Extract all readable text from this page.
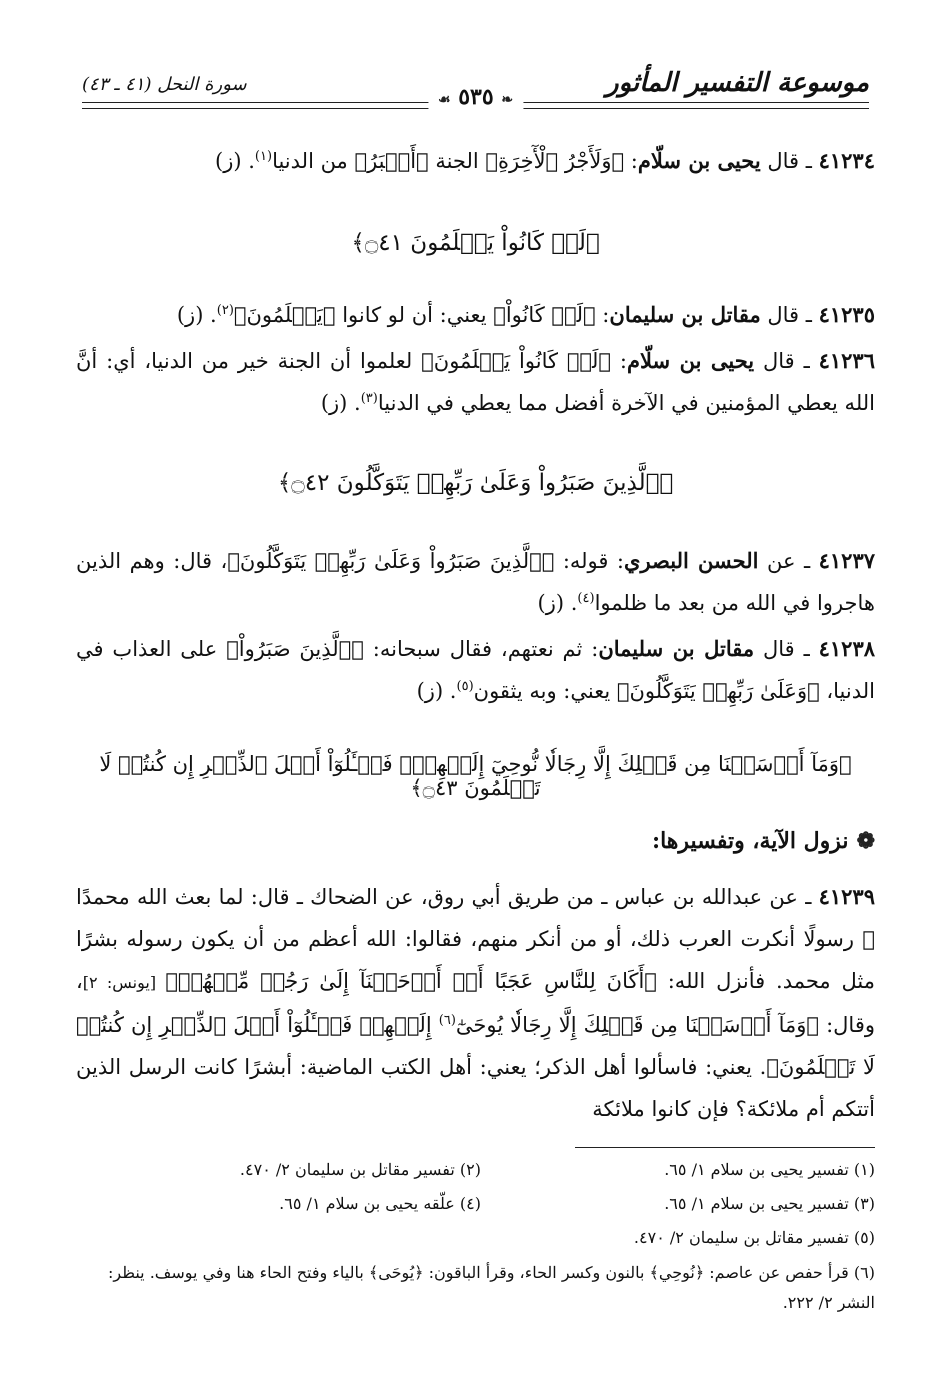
موسوعة التفسير المأثور
سورة النحل (٤١ ـ ٤٣)
❧ ٥٣٥ ☙
٤١٢٣٤ ـ قال يحيى بن سلّام: ﴿وَلَأَجْرُ ٱلْأٓخِرَةِ﴾ الجنة ﴿أَكۡبَرُ﴾ من الدنيا$^{(١)}$. (ز)
﴿لَوۡ كَانُواْ يَعۡلَمُونَ ۝٤١﴾
٤١٢٣٥ ـ قال مقاتل بن سليمان: ﴿لَوۡ كَانُواْ﴾ يعني: أن لو كانوا ﴿يَعۡلَمُونَ﴾$^{(٢)}$. (ز)
٤١٢٣٦ ـ قال يحيى بن سلّام: ﴿لَوۡ كَانُواْ يَعۡلَمُونَ﴾ لعلموا أن الجنة خير من الدنيا، أي: أنَّ الله يعطي المؤمنين في الآخرة أفضل مما يعطي في الدنيا$^{(٣)}$. (ز)
﴿ٱلَّذِينَ صَبَرُواْ وَعَلَىٰ رَبِّهِمۡ يَتَوَكَّلُونَ ۝٤٢﴾
٤١٢٣٧ ـ عن الحسن البصري: قوله: ﴿ٱلَّذِينَ صَبَرُواْ وَعَلَىٰ رَبِّهِمۡ يَتَوَكَّلُونَ﴾، قال: وهم الذين هاجروا في الله من بعد ما ظلموا$^{(٤)}$. (ز)
٤١٢٣٨ ـ قال مقاتل بن سليمان: ثم نعتهم، فقال سبحانه: ﴿ٱلَّذِينَ صَبَرُواْ﴾ على العذاب في الدنيا، ﴿وَعَلَىٰ رَبِّهِمۡ يَتَوَكَّلُونَ﴾ يعني: وبه يثقون$^{(٥)}$. (ز)
﴿وَمَآ أَرۡسَلۡنَا مِن قَبۡلِكَ إِلَّا رِجَالٗا نُّوحِيٓ إِلَيۡهِمۡۖ فَسۡـَٔلُوٓاْ أَهۡلَ ٱلذِّكۡرِ إِن كُنتُمۡ لَا تَعۡلَمُونَ ۝٤٣﴾
❁نزول الآية، وتفسيرها:
٤١٢٣٩ ـ عن عبدالله بن عباس ـ من طريق أبي روق، عن الضحاك ـ قال: لما بعث الله محمدًا ﷺ رسولًا أنكرت العرب ذلك، أو من أنكر منهم، فقالوا: الله أعظم من أن يكون رسوله بشرًا مثل محمد. فأنزل الله: ﴿أَكَانَ لِلنَّاسِ عَجَبًا أَنۡ أَوۡحَيۡنَآ إِلَىٰ رَجُلٖ مِّنۡهُمۡ﴾ [يونس: ٢]، وقال: ﴿وَمَآ أَرۡسَلۡنَا مِن قَبۡلِكَ إِلَّا رِجَالٗا يُوحَىٰٓ$^{(٦)}$ إِلَيۡهِمۡ فَسۡـَٔلُوٓاْ أَهۡلَ ٱلذِّكۡرِ إِن كُنتُمۡ لَا تَعۡلَمُونَ﴾. يعني: فاسألوا أهل الذكر؛ يعني: أهل الكتب الماضية: أبشرًا كانت الرسل الذين أتتكم أم ملائكة؟ فإن كانوا ملائكة
(١) تفسير يحيى بن سلام ١/ ٦٥.
(٢) تفسير مقاتل بن سليمان ٢/ ٤٧٠.
(٣) تفسير يحيى بن سلام ١/ ٦٥.
(٤) علّقه يحيى بن سلام ١/ ٦٥.
(٥) تفسير مقاتل بن سليمان ٢/ ٤٧٠.
(٦) قرأ حفص عن عاصم: ﴿نُوحِي﴾ بالنون وكسر الحاء، وقرأ الباقون: ﴿يُوحَى﴾ بالياء وفتح الحاء هنا وفي يوسف. ينظر: النشر ٢/ ٢٢٢.
